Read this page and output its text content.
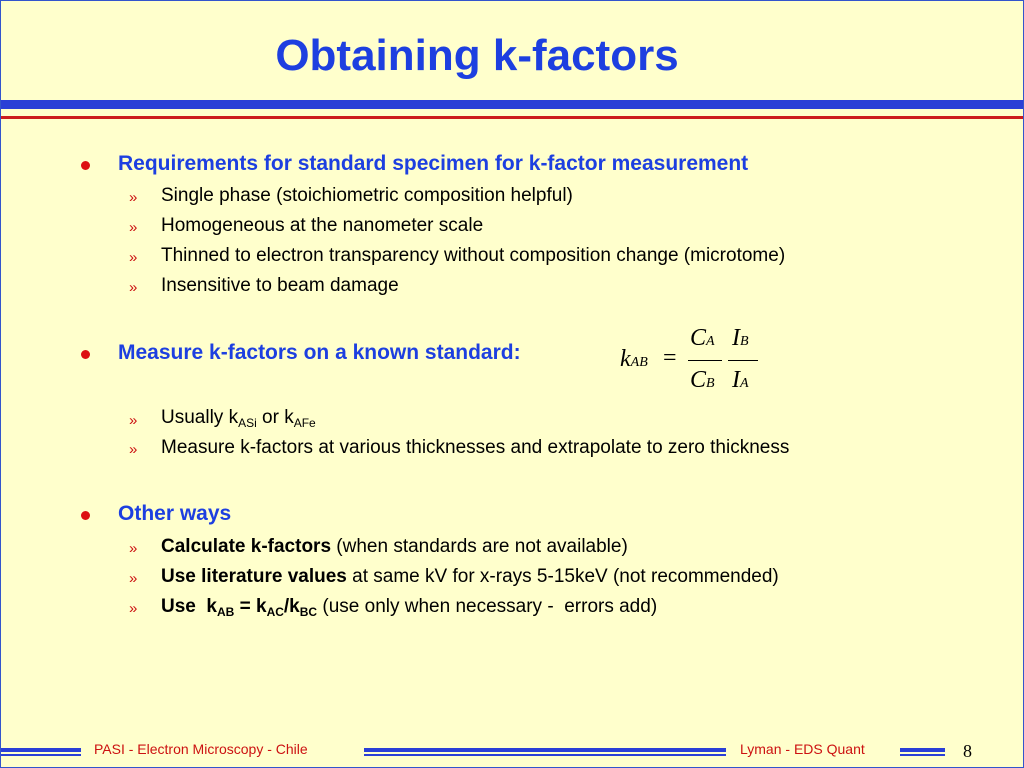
Obtaining k-factors
Requirements for standard specimen for k-factor measurement
» Single phase (stoichiometric composition helpful)
» Homogeneous at the nanometer scale
» Thinned to electron transparency without composition change (microtome)
» Insensitive to beam damage
Measure k-factors on a known standard:	kAB =
CA
CB
IB
IA
» Usually $k_{ASi}$ or $k_{AFe}$
» Measure k-factors at various thicknesses and extrapolate to zero thickness
Other ways
» Calculate k-factors (when standards are not available)
» Use literature values at same kV for x-rays 5-15keV (not recommended)
» Use  $k_{AB} = k_{AC}/k_{BC}$ (use only when necessary -  errors add)
PASI - Electron Microscopy - Chile	Lyman - EDS Quant	8
